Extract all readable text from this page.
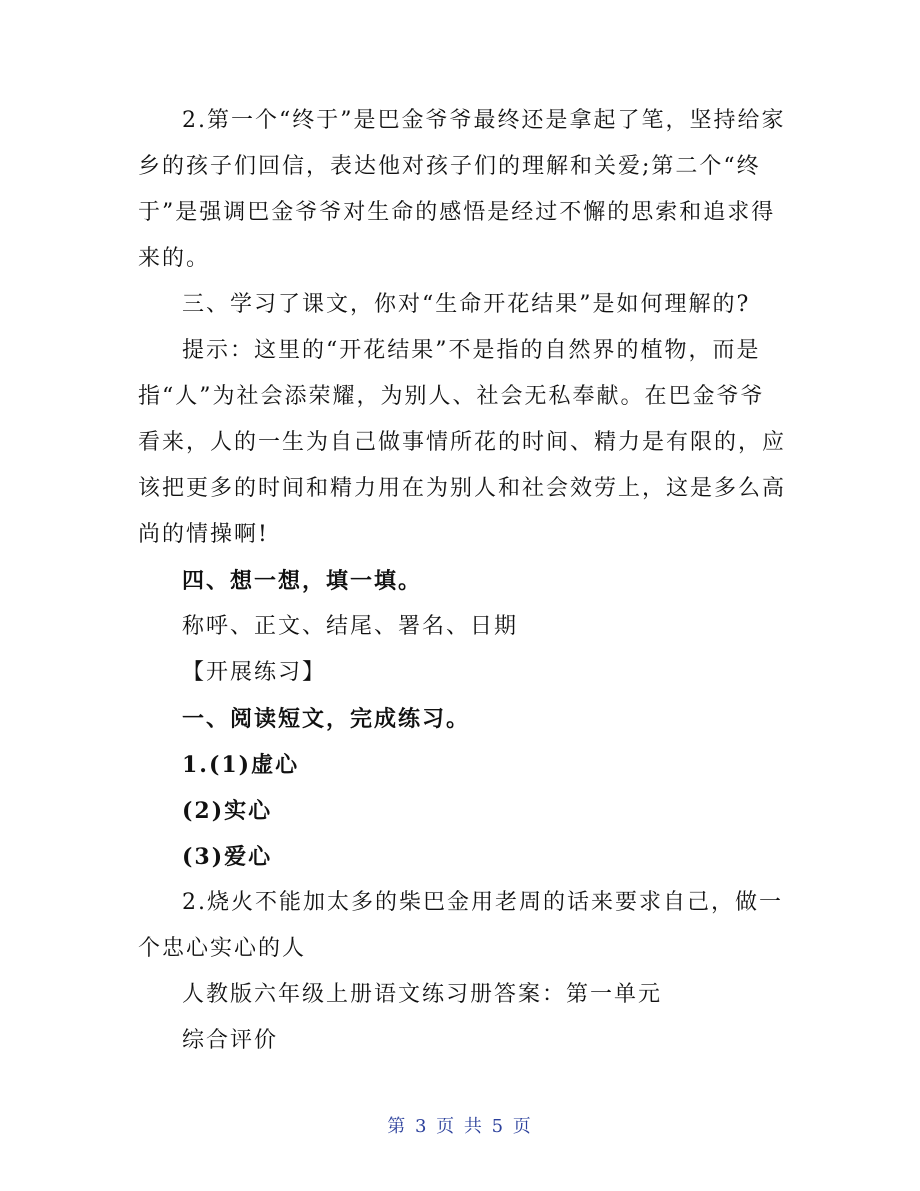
2.第一个“终于”是巴金爷爷最终还是拿起了笔，坚持给家乡的孩子们回信，表达他对孩子们的理解和关爱;第二个“终于”是强调巴金爷爷对生命的感悟是经过不懈的思索和追求得来的。

三、学习了课文，你对“生命开花结果”是如何理解的?

提示：这里的“开花结果”不是指的自然界的植物，而是指“人”为社会添荣耀，为别人、社会无私奉献。在巴金爷爷看来，人的一生为自己做事情所花的时间、精力是有限的，应该把更多的时间和精力用在为别人和社会效劳上，这是多么高尚的情操啊!

四、想一想，填一填。

称呼、正文、结尾、署名、日期

【开展练习】

一、阅读短文，完成练习。

1.(1)虚心

(2)实心

(3)爱心

2.烧火不能加太多的柴巴金用老周的话来要求自己，做一个忠心实心的人

人教版六年级上册语文练习册答案：第一单元

综合评价

第 3 页 共 5 页
